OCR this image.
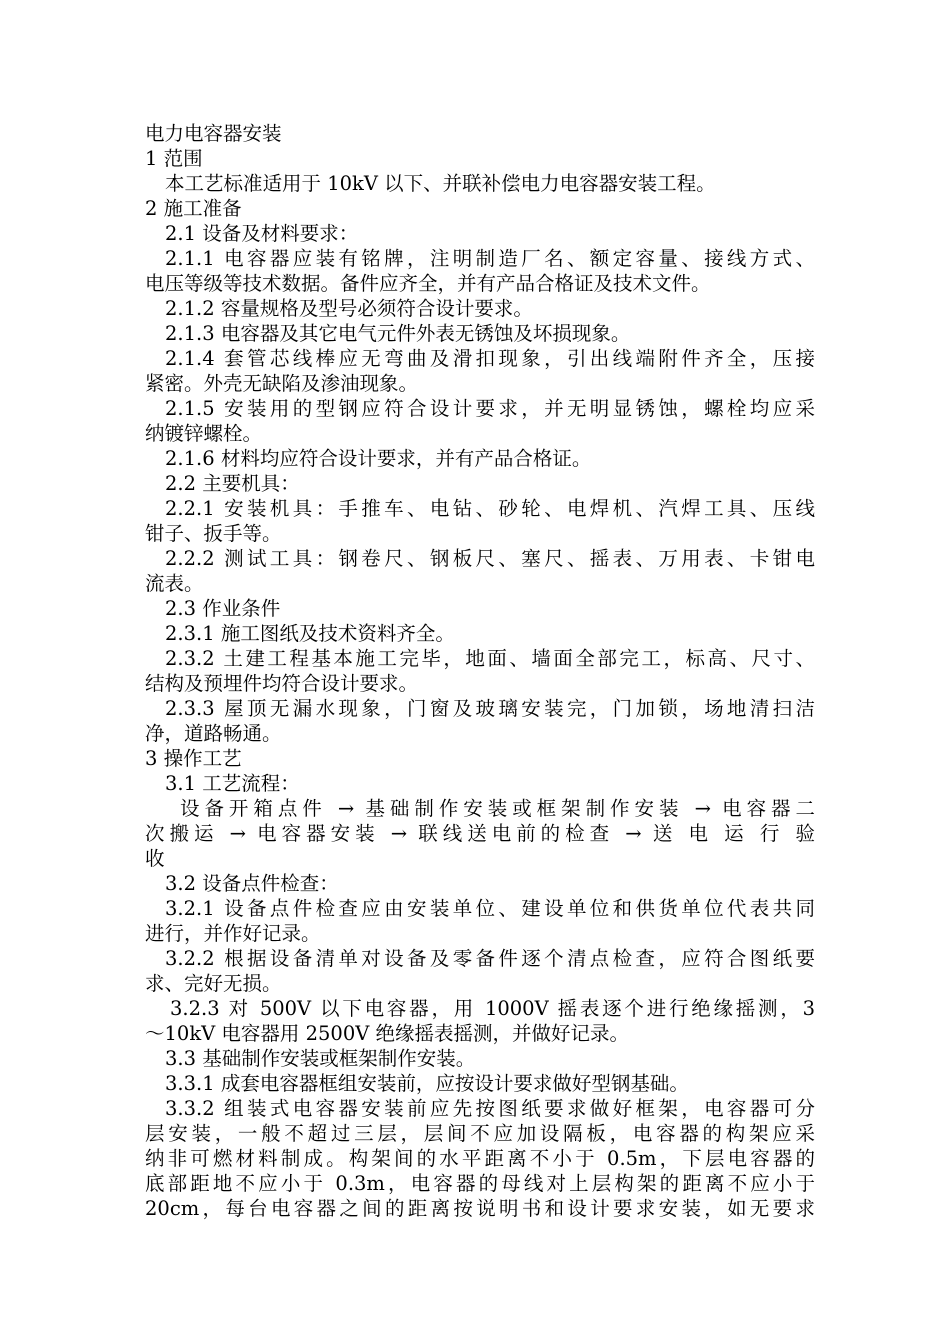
电力电容器安装
1 范围
本工艺标准适用于 10kV 以下、并联补偿电力电容器安装工程。
2 施工准备
2.1 设备及材料要求：
2.1.1 电容器应装有铭牌，注明制造厂名、额定容量、接线方式、
电压等级等技术数据。备件应齐全，并有产品合格证及技术文件。
2.1.2 容量规格及型号必须符合设计要求。
2.1.3 电容器及其它电气元件外表无锈蚀及坏损现象。
2.1.4 套管芯线棒应无弯曲及滑扣现象，引出线端附件齐全，压接
紧密。外壳无缺陷及渗油现象。
2.1.5 安装用的型钢应符合设计要求，并无明显锈蚀，螺栓均应采
纳镀锌螺栓。
2.1.6 材料均应符合设计要求，并有产品合格证。
2.2 主要机具：
2.2.1 安装机具：手推车、电钻、砂轮、电焊机、汽焊工具、压线
钳子、扳手等。
2.2.2 测试工具：钢卷尺、钢板尺、塞尺、摇表、万用表、卡钳电
流表。
2.3 作业条件
2.3.1 施工图纸及技术资料齐全。
2.3.2 土建工程基本施工完毕，地面、墙面全部完工，标高、尺寸、
结构及预埋件均符合设计要求。
2.3.3 屋顶无漏水现象，门窗及玻璃安装完，门加锁，场地清扫洁
净，道路畅通。
3 操作工艺
3.1 工艺流程：
设备开箱点件 → 基础制作安装或框架制作安装 → 电容器二
次搬运 → 电容器安装 → 联线送电前的检查 → 送 电 运 行 验
收
3.2 设备点件检查：
3.2.1 设备点件检查应由安装单位、建设单位和供货单位代表共同
进行，并作好记录。
3.2.2 根据设备清单对设备及零备件逐个清点检查，应符合图纸要
求、完好无损。
3.2.3 对 500V 以下电容器，用 1000V 摇表逐个进行绝缘摇测，3
～10kV 电容器用 2500V 绝缘摇表摇测，并做好记录。
3.3 基础制作安装或框架制作安装。
3.3.1 成套电容器框组安装前，应按设计要求做好型钢基础。
3.3.2 组装式电容器安装前应先按图纸要求做好框架，电容器可分
层安装，一般不超过三层，层间不应加设隔板，电容器的构架应采
纳非可燃材料制成。构架间的水平距离不小于 0.5m，下层电容器的
底部距地不应小于 0.3m，电容器的母线对上层构架的距离不应小于
20cm，每台电容器之间的距离按说明书和设计要求安装，如无要求
